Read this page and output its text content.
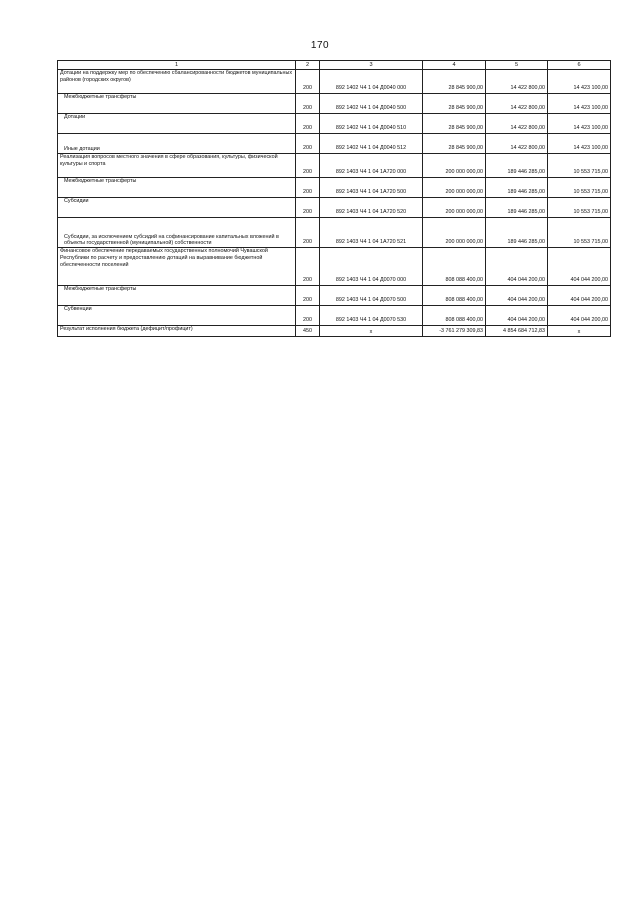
170
1	2	3	4	5	6
Дотации на поддержку мер по обеспечению сбалансированности бюджетов муниципальных районов (городских округов)	200	892 1402 Ч4 1 04 Д0040 000	28 845 900,00	14 422 800,00	14 423 100,00

Межбюджетные трансферты	200	892 1402 Ч4 1 04 Д0040 500	28 845 900,00	14 422 800,00	14 423 100,00

Дотации	200	892 1402 Ч4 1 04 Д0040 510	28 845 900,00	14 422 800,00	14 423 100,00

Иные дотации	200	892 1402 Ч4 1 04 Д0040 512	28 845 900,00	14 422 800,00	14 423 100,00
Реализация вопросов местного значения в сфере образования, культуры, физической культуры и спорта	200	892 1403 Ч4 1 04 1А720 000	200 000 000,00	189 446 285,00	10 553 715,00

Межбюджетные трансферты	200	892 1403 Ч4 1 04 1А720 500	200 000 000,00	189 446 285,00	10 553 715,00

Субсидии	200	892 1403 Ч4 1 04 1А720 520	200 000 000,00	189 446 285,00	10 553 715,00

Субсидии, за исключением субсидий на софинансирование капитальных вложений в объекты государственной (муниципальной) собственности	200	892 1403 Ч4 1 04 1А720 521	200 000 000,00	189 446 285,00	10 553 715,00
Финансовое обеспечение передаваемых государственных полномочий Чувашской Республики по расчету и предоставлению дотаций на выравнивание бюджетной обеспеченности поселений	200	892 1403 Ч4 1 04 Д0070 000	808 088 400,00	404 044 200,00	404 044 200,00

Межбюджетные трансферты	200	892 1403 Ч4 1 04 Д0070 500	808 088 400,00	404 044 200,00	404 044 200,00

Субвенции	200	892 1403 Ч4 1 04 Д0070 530	808 088 400,00	404 044 200,00	404 044 200,00
Результат исполнения бюджета (дефицит/профицит)	450	x	-3 761 279 309,83	4 854 684 712,83	x
